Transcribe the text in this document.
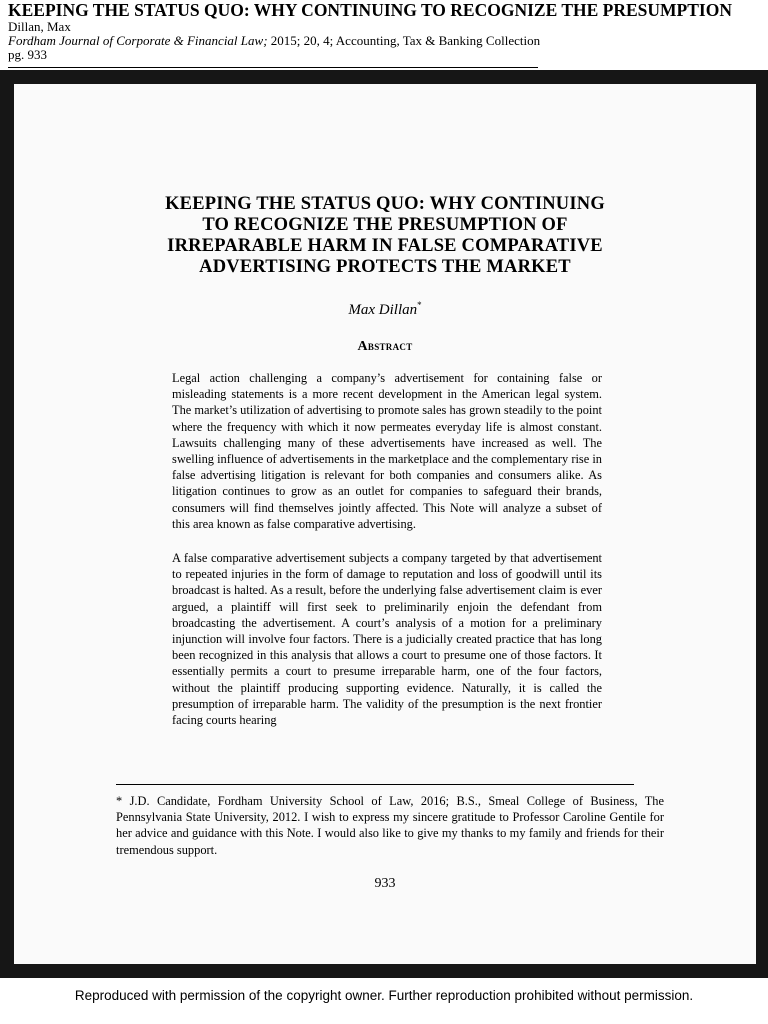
KEEPING THE STATUS QUO: WHY CONTINUING TO RECOGNIZE THE PRESUMPTION
Dillan, Max
Fordham Journal of Corporate & Financial Law; 2015; 20, 4; Accounting, Tax & Banking Collection
pg. 933
KEEPING THE STATUS QUO: WHY CONTINUING
TO RECOGNIZE THE PRESUMPTION OF
IRREPARABLE HARM IN FALSE COMPARATIVE
ADVERTISING PROTECTS THE MARKET
Max Dillan*
Abstract

Legal action challenging a company’s advertisement for containing false or misleading statements is a more recent development in the American legal system. The market’s utilization of advertising to promote sales has grown steadily to the point where the frequency with which it now permeates everyday life is almost constant. Lawsuits challenging many of these advertisements have increased as well. The swelling influence of advertisements in the marketplace and the complementary rise in false advertising litigation is relevant for both companies and consumers alike. As litigation continues to grow as an outlet for companies to safeguard their brands, consumers will find themselves jointly affected. This Note will analyze a subset of this area known as false comparative advertising.

A false comparative advertisement subjects a company targeted by that advertisement to repeated injuries in the form of damage to reputation and loss of goodwill until its broadcast is halted. As a result, before the underlying false advertisement claim is ever argued, a plaintiff will first seek to preliminarily enjoin the defendant from broadcasting the advertisement. A court’s analysis of a motion for a preliminary injunction will involve four factors. There is a judicially created practice that has long been recognized in this analysis that allows a court to presume one of those factors. It essentially permits a court to presume irreparable harm, one of the four factors, without the plaintiff producing supporting evidence. Naturally, it is called the presumption of irreparable harm. The validity of the presumption is the next frontier facing courts hearing

* J.D. Candidate, Fordham University School of Law, 2016; B.S., Smeal College of Business, The Pennsylvania State University, 2012. I wish to express my sincere gratitude to Professor Caroline Gentile for her advice and guidance with this Note. I would also like to give my thanks to my family and friends for their tremendous support.
933
Reproduced with permission of the copyright owner. Further reproduction prohibited without permission.
